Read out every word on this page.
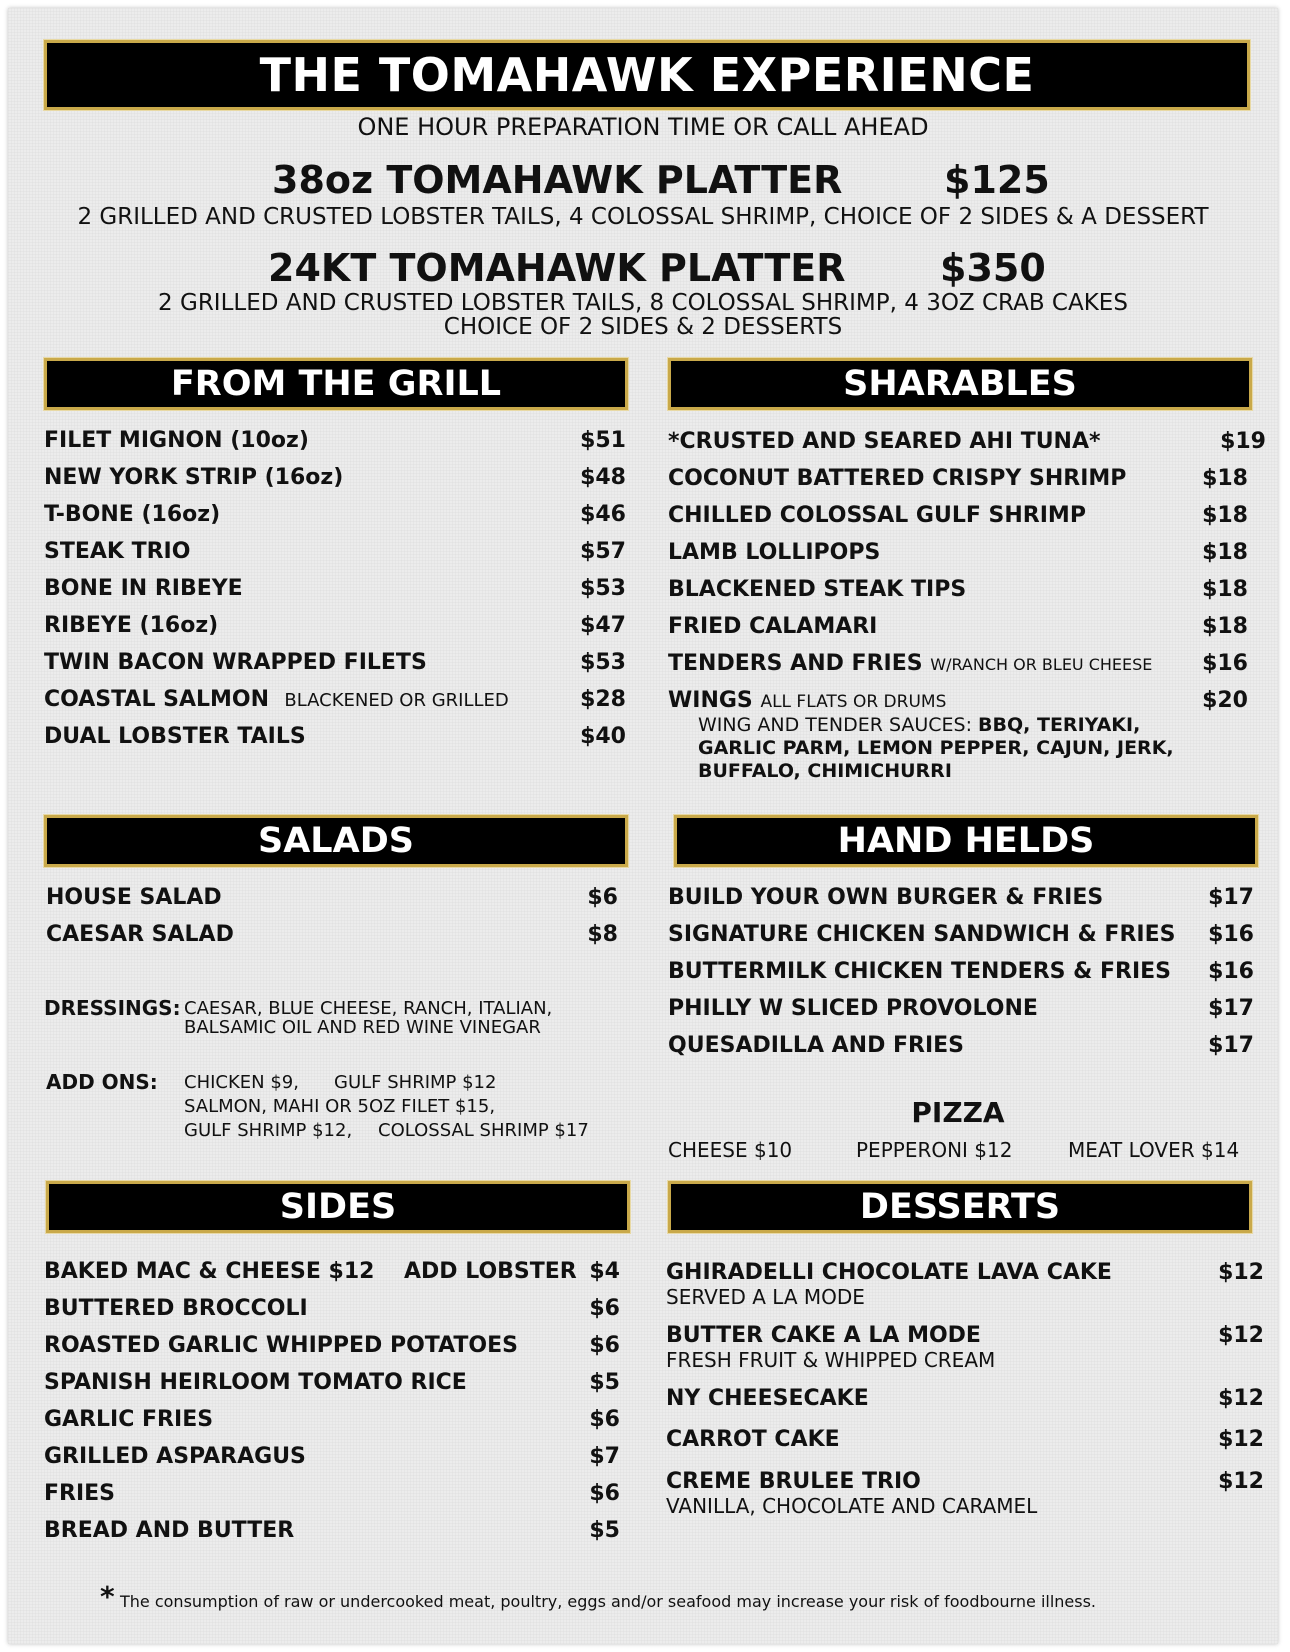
THE TOMAHAWK EXPERIENCE
ONE HOUR PREPARATION TIME OR CALL AHEAD
38oz TOMAHAWK PLATTER	$125
2 GRILLED AND CRUSTED LOBSTER TAILS, 4 COLOSSAL SHRIMP, CHOICE OF 2 SIDES & A DESSERT
24KT TOMAHAWK PLATTER $350
2 GRILLED AND CRUSTED LOBSTER TAILS, 8 COLOSSAL SHRIMP, 4 3OZ CRAB CAKES
CHOICE OF 2 SIDES & 2 DESSERTS
FROM THE GRILL
FILET MIGNON (10oz)	$51
NEW YORK STRIP (16oz)	$48
T-BONE (16oz)	$46
STEAK TRIO	$57
BONE IN RIBEYE	$53
RIBEYE (16oz)	$47
TWIN BACON WRAPPED FILETS	$53
COASTAL SALMON BLACKENED OR GRILLED	$28
DUAL LOBSTER TAILS	$40
SHARABLES
*CRUSTED AND SEARED AHI TUNA*	$19
COCONUT BATTERED CRISPY SHRIMP	$18
CHILLED COLOSSAL GULF SHRIMP	$18
LAMB LOLLIPOPS	$18
BLACKENED STEAK TIPS	$18
FRIED CALAMARI	$18
TENDERS AND FRIES W/RANCH OR BLEU CHEESE	$16
WINGS ALL FLATS OR DRUMS	$20
WING AND TENDER SAUCES: BBQ, TERIYAKI,
GARLIC PARM, LEMON PEPPER, CAJUN, JERK,
BUFFALO, CHIMICHURRI
SALADS
HOUSE SALAD	$6
CAESAR SALAD	$8
DRESSINGS: CAESAR, BLUE CHEESE, RANCH, ITALIAN,
BALSAMIC OIL AND RED WINE VINEGAR
ADD ONS: CHICKEN $9, GULF SHRIMP $12
SALMON, MAHI OR 5OZ FILET $15,
GULF SHRIMP $12, COLOSSAL SHRIMP $17
HAND HELDS
BUILD YOUR OWN BURGER & FRIES	$17
SIGNATURE CHICKEN SANDWICH & FRIES	$16
BUTTERMILK CHICKEN TENDERS & FRIES	$16
PHILLY W SLICED PROVOLONE	$17
QUESADILLA AND FRIES	$17
PIZZA
CHEESE $10	PEPPERONI $12	MEAT LOVER $14
SIDES
BAKED MAC & CHEESE $12 ADD LOBSTER $4
BUTTERED BROCCOLI	$6
ROASTED GARLIC WHIPPED POTATOES	$6
SPANISH HEIRLOOM TOMATO RICE	$5
GARLIC FRIES	$6
GRILLED ASPARAGUS	$7
FRIES	$6
BREAD AND BUTTER	$5
DESSERTS
GHIRADELLI CHOCOLATE LAVA CAKE
SERVED A LA MODE
$12
BUTTER CAKE A LA MODE
FRESH FRUIT & WHIPPED CREAM
$12
NY CHEESECAKE	$12
CARROT CAKE	$12
CREME BRULEE TRIO
VANILLA, CHOCOLATE AND CARAMEL
$12
* The consumption of raw or undercooked meat, poultry, eggs and/or seafood may increase your risk of foodbourne illness.
